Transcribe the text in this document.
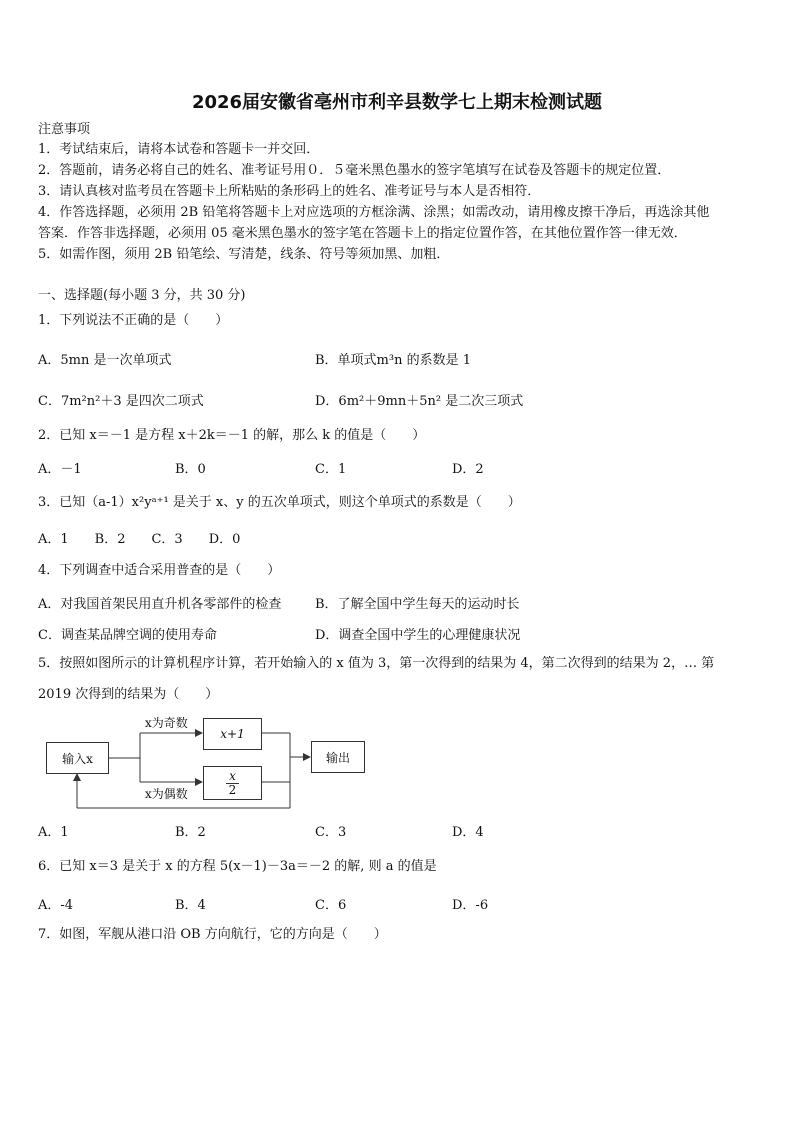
2026届安徽省亳州市利辛县数学七上期末检测试题
注意事项
1．考试结束后，请将本试卷和答题卡一并交回．
2．答题前，请务必将自己的姓名、准考证号用０．５毫米黑色墨水的签字笔填写在试卷及答题卡的规定位置．
3．请认真核对监考员在答题卡上所粘贴的条形码上的姓名、准考证号与本人是否相符．
4．作答选择题，必须用 2B 铅笔将答题卡上对应选项的方框涂满、涂黑；如需改动，请用橡皮擦干净后，再选涂其他
答案．作答非选择题，必须用 05 毫米黑色墨水的签字笔在答题卡上的指定位置作答，在其他位置作答一律无效．
5．如需作图，须用 2B 铅笔绘、写清楚，线条、符号等须加黑、加粗．
一、选择题(每小题 3 分，共 30 分)
1．下列说法不正确的是（　　）
A．5mn 是一次单项式	B．单项式m³n 的系数是 1
C．7m²n²＋3 是四次二项式	D．6m²＋9mn＋5n² 是二次三项式
2．已知 x＝－1 是方程 x＋2k＝－1 的解，那么 k 的值是（　　）
A．－1	B．0	C．1	D．2
3．已知（a-1）x²yᵃ⁺¹ 是关于 x、y 的五次单项式，则这个单项式的系数是（　　）
A．1　　B．2　　C．3　　D．0
4．下列调查中适合采用普查的是（　　）
A．对我国首架民用直升机各零部件的检查	B．了解全国中学生每天的运动时长
C．调查某品牌空调的使用寿命	D．调查全国中学生的心理健康状况
5．按照如图所示的计算机程序计算，若开始输入的 x 值为 3，第一次得到的结果为 4，第二次得到的结果为 2，… 第
2019 次得到的结果为（　　）
输入x
x为奇数
x+1
$\frac{x}{2}$
x为偶数
输出
A．1	B．2	C．3	D．4
6．已知 x＝3 是关于 x 的方程 5(x－1)－3a＝－2 的解, 则 a 的值是
A．-4	B．4	C．6	D．-6
7．如图，军舰从港口沿 OB 方向航行，它的方向是（　　）
